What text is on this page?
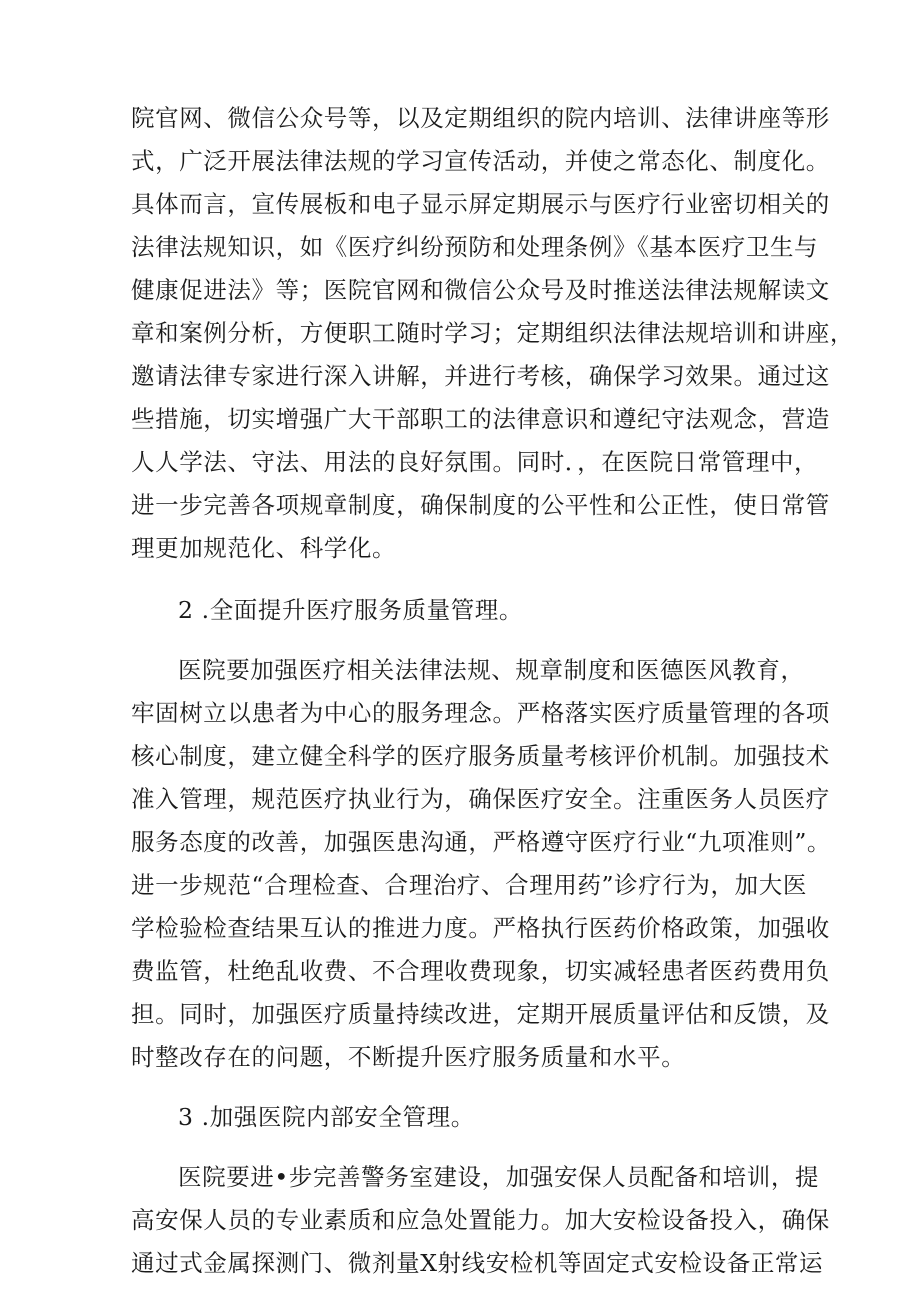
院官网、微信公众号等，以及定期组织的院内培训、法律讲座等形
式，广泛开展法律法规的学习宣传活动，并使之常态化、制度化。
具体而言，宣传展板和电子显示屏定期展示与医疗行业密切相关的
法律法规知识，如《医疗纠纷预防和处理条例》《基本医疗卫生与
健康促进法》等；医院官网和微信公众号及时推送法律法规解读文
章和案例分析，方便职工随时学习；定期组织法律法规培训和讲座，
邀请法律专家进行深入讲解，并进行考核，确保学习效果。通过这
些措施，切实增强广大干部职工的法律意识和遵纪守法观念，营造
人人学法、守法、用法的良好氛围。同时．，在医院日常管理中，
进一步完善各项规章制度，确保制度的公平性和公正性，使日常管
理更加规范化、科学化。
2 .全面提升医疗服务质量管理。
医院要加强医疗相关法律法规、规章制度和医德医风教育，
牢固树立以患者为中心的服务理念。严格落实医疗质量管理的各项
核心制度，建立健全科学的医疗服务质量考核评价机制。加强技术
准入管理，规范医疗执业行为，确保医疗安全。注重医务人员医疗
服务态度的改善，加强医患沟通，严格遵守医疗行业“九项准则”。
进一步规范“合理检查、合理治疗、合理用药”诊疗行为，加大医
学检验检查结果互认的推进力度。严格执行医药价格政策，加强收
费监管，杜绝乱收费、不合理收费现象，切实减轻患者医药费用负
担。同时，加强医疗质量持续改进，定期开展质量评估和反馈，及
时整改存在的问题，不断提升医疗服务质量和水平。
3 .加强医院内部安全管理。
医院要进•步完善警务室建设，加强安保人员配备和培训，提
高安保人员的专业素质和应急处置能力。加大安检设备投入，确保
通过式金属探测门、微剂量X射线安检机等固定式安检设备正常运
